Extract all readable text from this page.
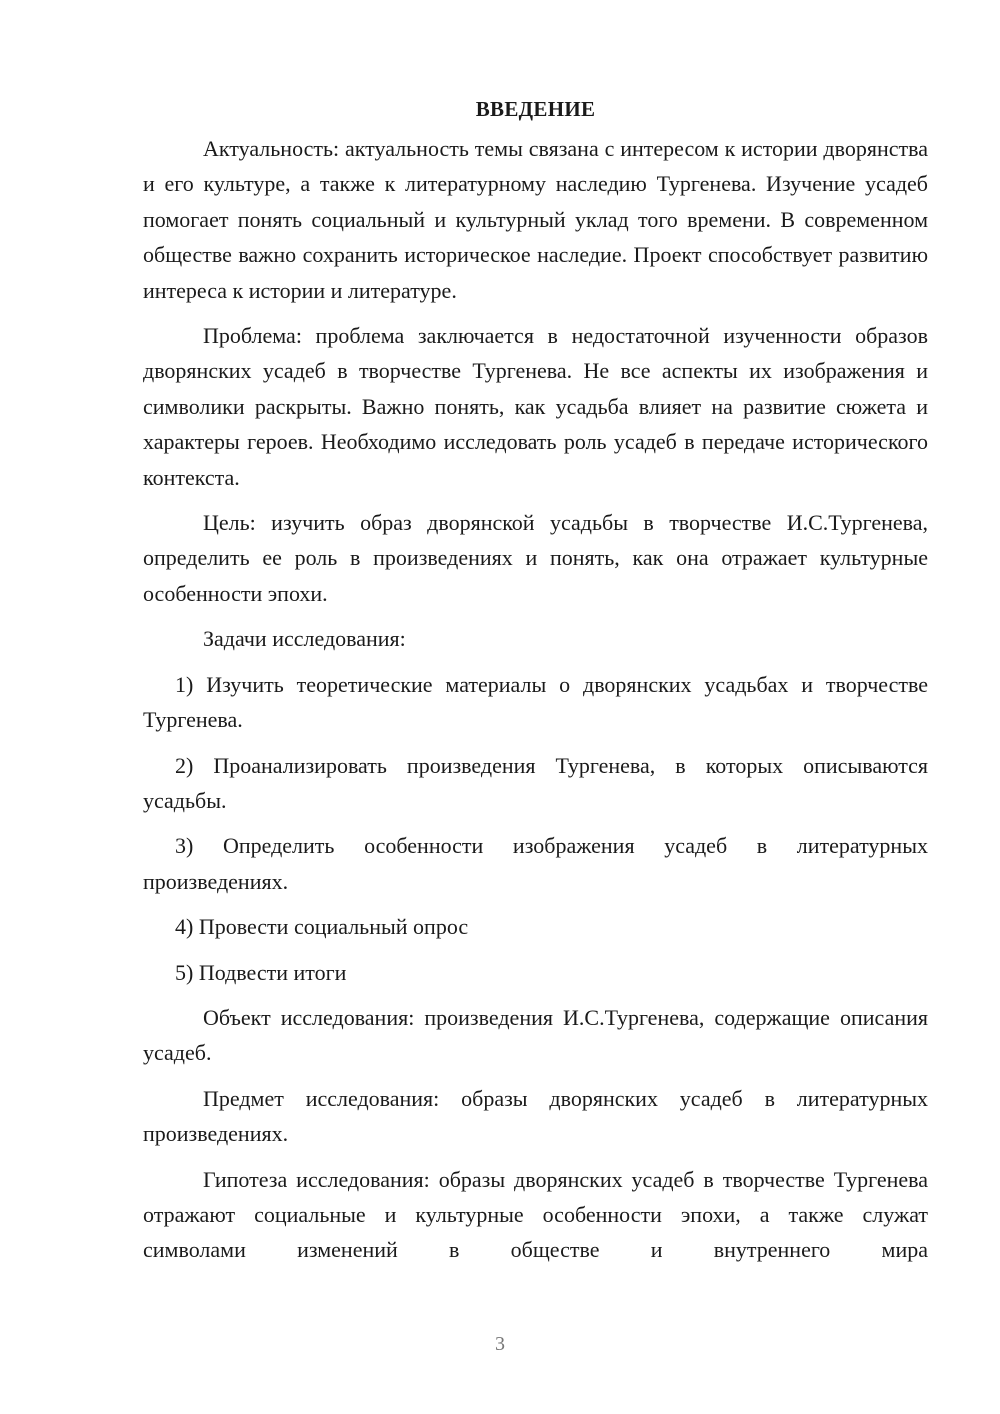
ВВЕДЕНИЕ

Актуальность: актуальность темы связана с интересом к истории дворянства и его культуре, а также к литературному наследию Тургенева. Изучение усадеб помогает понять социальный и культурный уклад того времени. В современном обществе важно сохранить историческое наследие. Проект способствует развитию интереса к истории и литературе.

Проблема: проблема заключается в недостаточной изученности образов дворянских усадеб в творчестве Тургенева. Не все аспекты их изображения и символики раскрыты. Важно понять, как усадьба влияет на развитие сюжета и характеры героев. Необходимо исследовать роль усадеб в передаче исторического контекста.

Цель: изучить образ дворянской усадьбы в творчестве И.С.Тургенева, определить ее роль в произведениях и понять, как она отражает культурные особенности эпохи.

Задачи исследования:

1) Изучить теоретические материалы о дворянских усадьбах и творчестве Тургенева.

2) Проанализировать произведения Тургенева, в которых описываются усадьбы.

3) Определить особенности изображения усадеб в литературных произведениях.

4) Провести социальный опрос

5) Подвести итоги

Объект исследования: произведения И.С.Тургенева, содержащие описания усадеб.

Предмет исследования: образы дворянских усадеб в литературных произведениях.

Гипотеза исследования: образы дворянских усадеб в творчестве Тургенева отражают социальные и культурные особенности эпохи, а также служат символами изменений в обществе и внутреннего мира

3
